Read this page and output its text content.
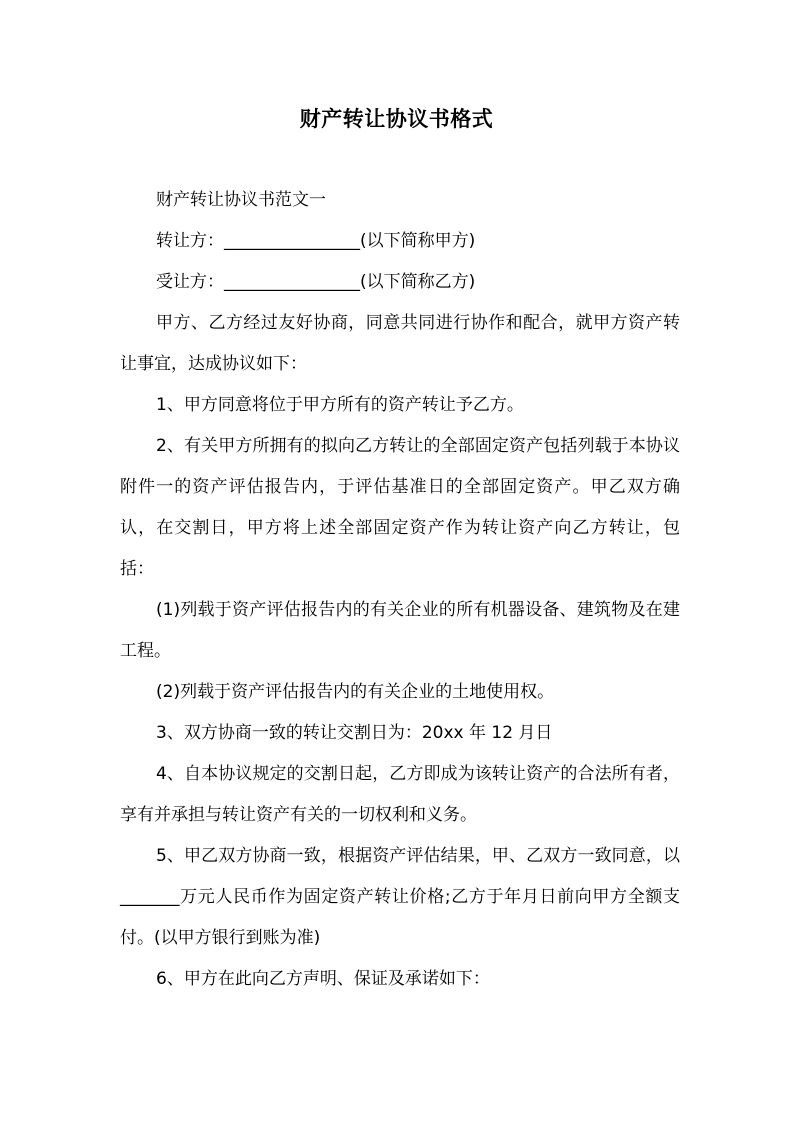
财产转让协议书格式

财产转让协议书范文一

转让方：________________(以下简称甲方)

受让方：________________(以下简称乙方)

甲方、乙方经过友好协商，同意共同进行协作和配合，就甲方资产转让事宜，达成协议如下：

1、甲方同意将位于甲方所有的资产转让予乙方。

2、有关甲方所拥有的拟向乙方转让的全部固定资产包括列载于本协议附件一的资产评估报告内，于评估基准日的全部固定资产。甲乙双方确认，在交割日，甲方将上述全部固定资产作为转让资产向乙方转让，包括：

(1)列载于资产评估报告内的有关企业的所有机器设备、建筑物及在建工程。

(2)列载于资产评估报告内的有关企业的土地使用权。

3、双方协商一致的转让交割日为：20xx 年 12 月日

4、自本协议规定的交割日起，乙方即成为该转让资产的合法所有者，享有并承担与转让资产有关的一切权利和义务。

5、甲乙双方协商一致，根据资产评估结果，甲、乙双方一致同意，以_______万元人民币作为固定资产转让价格;乙方于年月日前向甲方全额支付。(以甲方银行到账为准)

6、甲方在此向乙方声明、保证及承诺如下：
